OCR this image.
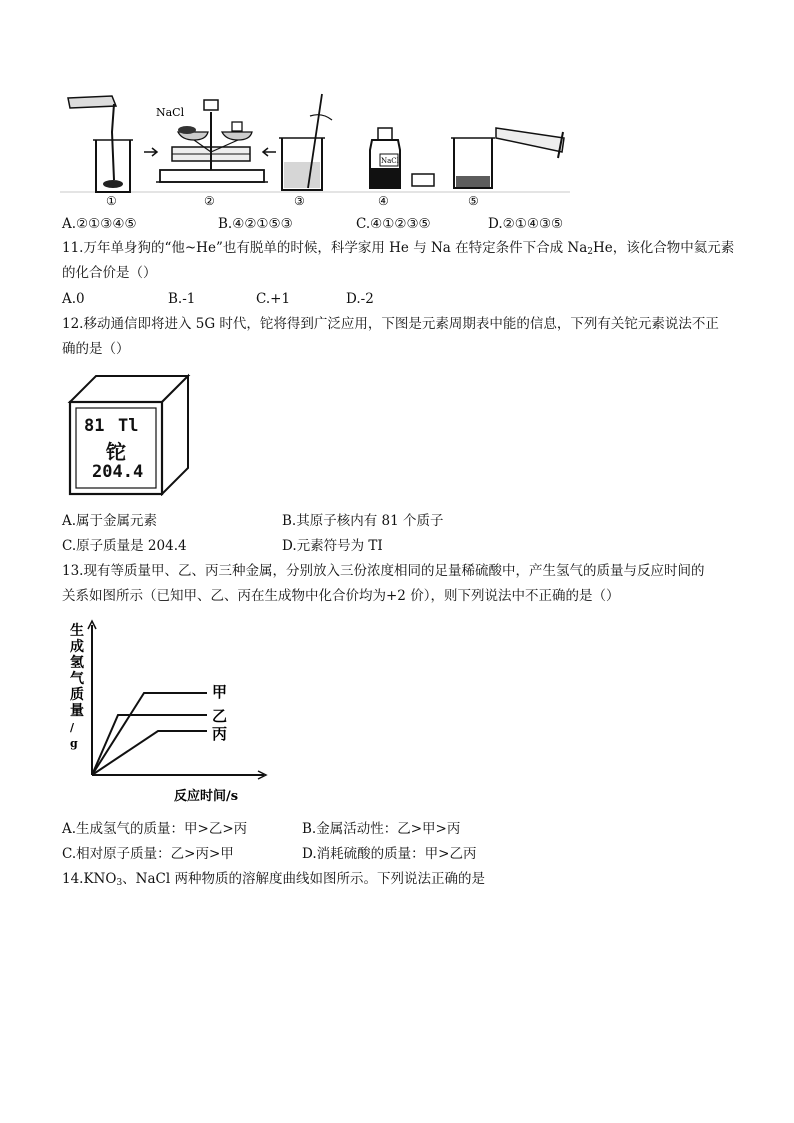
NaCl
NaCl
①	②	③	④	⑤
A.②①③④⑤	B.④②①⑤③	C.④①②③⑤	D.②①④③⑤
11.万年单身狗的“他~He”也有脱单的时候，科学家用 He 与 Na 在特定条件下合成 $Na_2He$，该化合物中氦元素
的化合价是（）
A.0	B.-1	C.+1	D.-2
12.移动通信即将进入 5G 时代，铊将得到广泛应用，下图是元素周期表中能的信息，下列有关铊元素说法不正
确的是（）
81 Tl
铊
204.4
A.属于金属元素	B.其原子核内有 81 个质子
C.原子质量是 204.4	D.元素符号为 TI
13.现有等质量甲、乙、丙三种金属，分别放入三份浓度相同的足量稀硫酸中，产生氢气的质量与反应时间的
关系如图所示（已知甲、乙、丙在生成物中化合价均为+2 价），则下列说法中不正确的是（）
生
成
氢
气
质
量
/
g
甲
乙
丙
反应时间/s
A.生成氢气的质量：甲>乙>丙	B.金属活动性：乙>甲>丙
C.相对原子质量：乙>丙>甲	D.消耗硫酸的质量：甲>乙丙
$14.KNO_3$、NaCl 两种物质的溶解度曲线如图所示。下列说法正确的是
